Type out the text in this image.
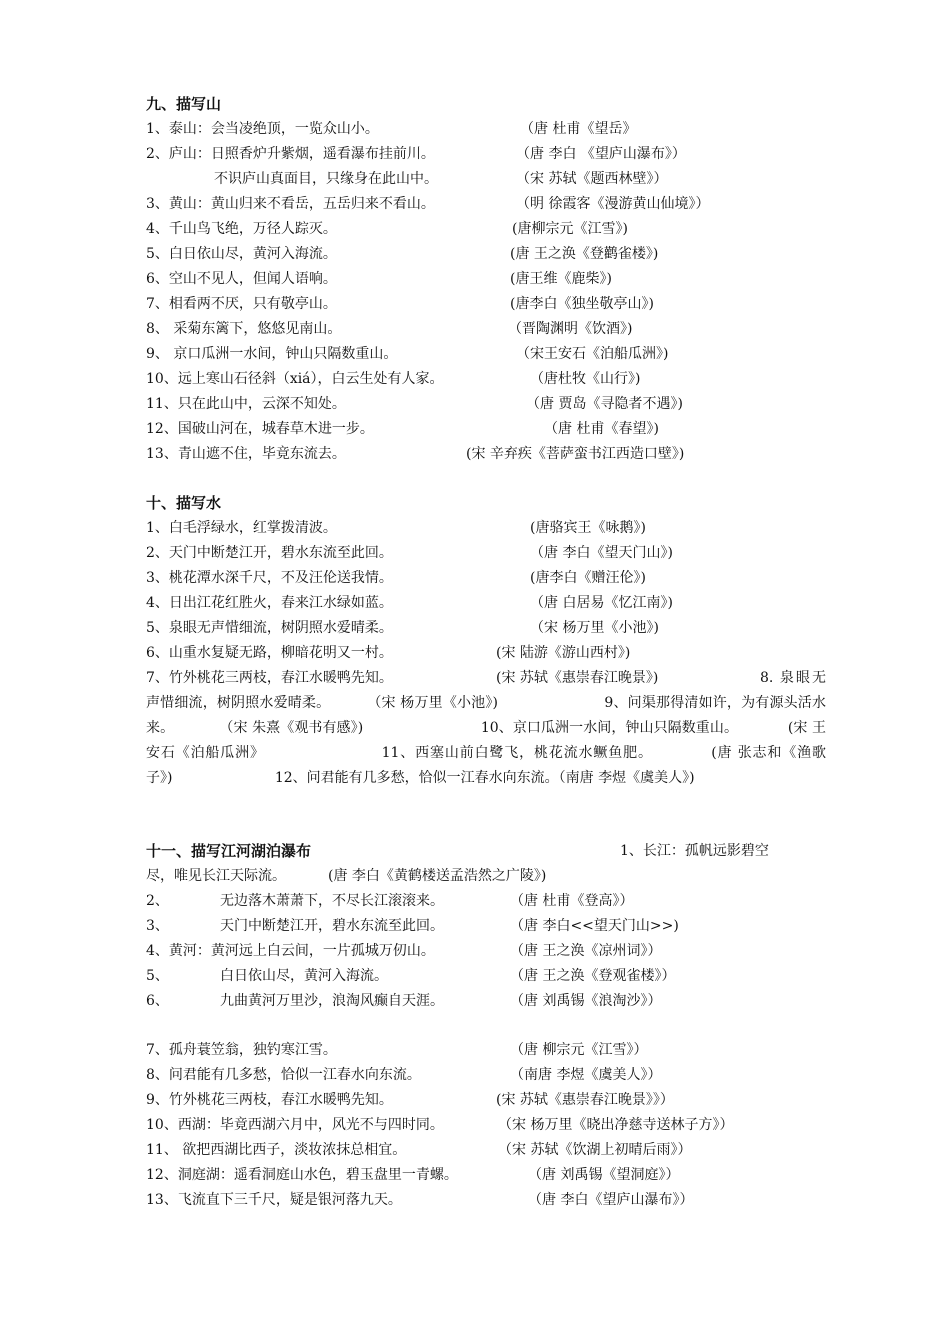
九、描写山
1、泰山：会当凌绝顶，一览众山小。	（唐 杜甫《望岳》
2、庐山：日照香炉升紫烟，遥看瀑布挂前川。	（唐 李白 《望庐山瀑布》）
不识庐山真面目，只缘身在此山中。	（宋 苏轼《题西林壁》）
3、黄山：黄山归来不看岳，五岳归来不看山。	（明 徐霞客《漫游黄山仙境》）
4、千山鸟飞绝，万径人踪灭。	(唐柳宗元《江雪》)
5、白日依山尽，黄河入海流。	(唐 王之涣《登鹳雀楼》)
6、空山不见人，但闻人语响。	(唐王维《鹿柴》)
7、相看两不厌，只有敬亭山。	(唐李白《独坐敬亭山》)
8、 采菊东篱下，悠悠见南山。	（晋陶渊明《饮酒》)
9、 京口瓜洲一水间，钟山只隔数重山。	（宋王安石《泊船瓜洲》)
10、远上寒山石径斜（xiá），白云生处有人家。	（唐杜牧《山行》)
11、只在此山中，云深不知处。	（唐 贾岛《寻隐者不遇》)
12、国破山河在，城春草木进一步。	（唐 杜甫《春望》)
13、青山遮不住，毕竟东流去。	(宋 辛弃疾《菩萨蛮书江西造口壁》)
十、描写水
1、白毛浮绿水，红掌拨清波。	(唐骆宾王《咏鹅》)
2、天门中断楚江开，碧水东流至此回。	（唐 李白《望天门山》)
3、桃花潭水深千尺，不及汪伦送我情。	(唐李白《赠汪伦》)
4、日出江花红胜火，春来江水绿如蓝。	（唐 白居易《忆江南》)
5、泉眼无声惜细流，树阴照水爱晴柔。	（宋 杨万里《小池》)
6、山重水复疑无路，柳暗花明又一村。	(宋 陆游《游山西村》)
7、竹外桃花三两枝，春江水暖鸭先知。	(宋 苏轼《惠崇春江晚景》)	8. 泉眼无声惜细流，树阴照水爱晴柔。	（宋 杨万里《小池》)	9、问渠那得清如许，为有源头活水来。	（宋 朱熹《观书有感》)	10、京口瓜洲一水间，钟山只隔数重山。	(宋 王安石《泊船瓜洲》	11、西塞山前白鹭飞，桃花流水鳜鱼肥。	(唐 张志和《渔歌子》)	12、问君能有几多愁，恰似一江春水向东流。（南唐 李煜《虞美人》)
十一、描写江河湖泊瀑布	1、长江：孤帆远影碧空
尽，唯见长江天际流。	(唐 李白《黄鹤楼送孟浩然之广陵》)
2、	无边落木萧萧下，不尽长江滚滚来。	（唐 杜甫《登高》）
3、	天门中断楚江开，碧水东流至此回。	（唐 李白<<望天门山>>)
4、黄河：黄河远上白云间，一片孤城万仞山。	（唐 王之涣《凉州词》）
5、	白日依山尽，黄河入海流。	（唐 王之涣《登观雀楼》）
6、	九曲黄河万里沙，浪淘风癫自天涯。	（唐 刘禹锡《浪淘沙》）
7、孤舟蓑笠翁，独钓寒江雪。	（唐 柳宗元《江雪》）
8、问君能有几多愁，恰似一江春水向东流。	（南唐 李煜《虞美人》）
9、竹外桃花三两枝，春江水暖鸭先知。	(宋 苏轼《惠崇春江晚景》》）
10、西湖：毕竟西湖六月中，风光不与四时同。	（宋 杨万里《晓出净慈寺送林子方》）
11、 欲把西湖比西子，淡妆浓抹总相宜。	（宋 苏轼《饮湖上初晴后雨》）
12、洞庭湖：遥看洞庭山水色，碧玉盘里一青螺。	（唐 刘禹锡《望洞庭》）
13、飞流直下三千尺，疑是银河落九天。	（唐 李白《望庐山瀑布》）
